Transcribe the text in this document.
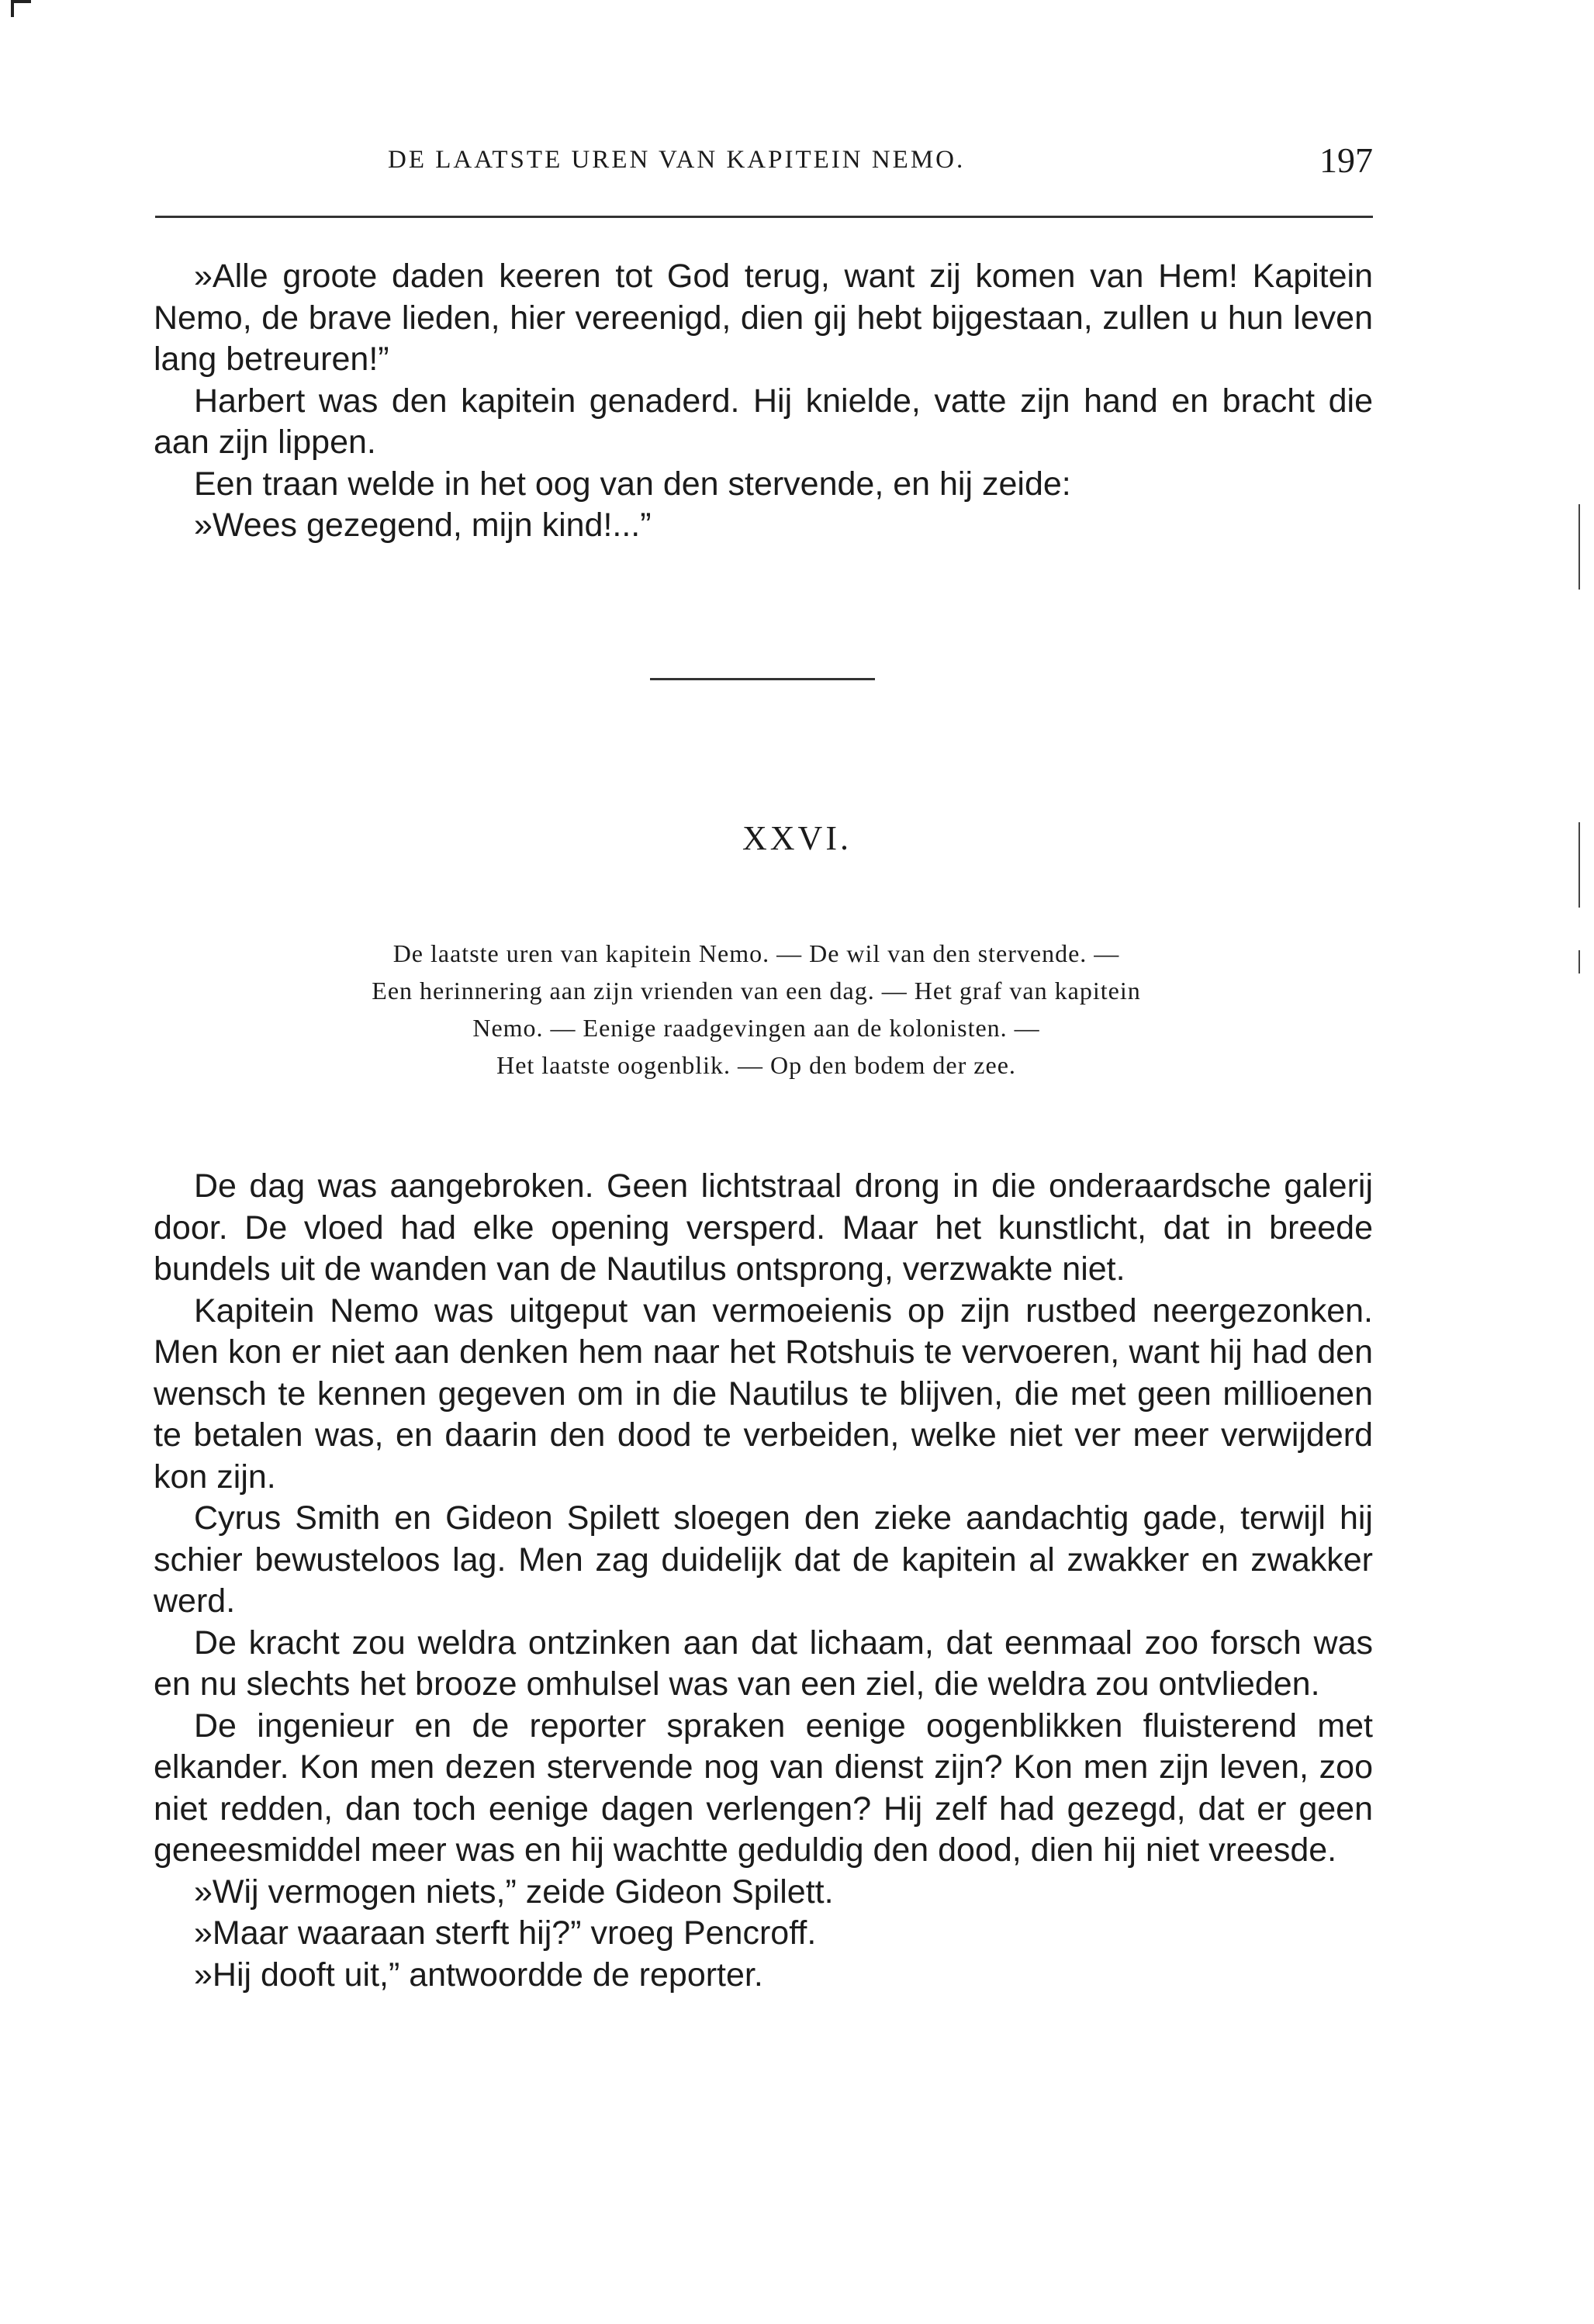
DE LAATSTE UREN VAN KAPITEIN NEMO.	197

»Alle groote daden keeren tot God terug, want zij komen van Hem! Kapitein Nemo, de brave lieden, hier vereenigd, dien gij hebt bijgestaan, zullen u hun leven lang betreuren!”

Harbert was den kapitein genaderd. Hij knielde, vatte zijn hand en bracht die aan zijn lippen.

Een traan welde in het oog van den stervende, en hij zeide:

»Wees gezegend, mijn kind!...”

XXVI.
De laatste uren van kapitein Nemo. — De wil van den stervende. —
Een herinnering aan zijn vrienden van een dag. — Het graf van kapitein
Nemo. — Eenige raadgevingen aan de kolonisten. —
Het laatste oogenblik. — Op den bodem der zee.

De dag was aangebroken. Geen lichtstraal drong in die onderaardsche galerij door. De vloed had elke opening versperd. Maar het kunstlicht, dat in breede bundels uit de wanden van de Nautilus ontsprong, verzwakte niet.

Kapitein Nemo was uitgeput van vermoeienis op zijn rustbed neergezonken. Men kon er niet aan denken hem naar het Rotshuis te vervoeren, want hij had den wensch te kennen gegeven om in die Nautilus te blijven, die met geen millioenen te betalen was, en daarin den dood te verbeiden, welke niet ver meer verwijderd kon zijn.

Cyrus Smith en Gideon Spilett sloegen den zieke aandachtig gade, terwijl hij schier bewusteloos lag. Men zag duidelijk dat de kapitein al zwakker en zwakker werd.

De kracht zou weldra ontzinken aan dat lichaam, dat eenmaal zoo forsch was en nu slechts het brooze omhulsel was van een ziel, die weldra zou ontvlieden.

De ingenieur en de reporter spraken eenige oogenblikken fluisterend met elkander. Kon men dezen stervende nog van dienst zijn? Kon men zijn leven, zoo niet redden, dan toch eenige dagen verlengen? Hij zelf had gezegd, dat er geen geneesmiddel meer was en hij wachtte geduldig den dood, dien hij niet vreesde.

»Wij vermogen niets,” zeide Gideon Spilett.

»Maar waaraan sterft hij?” vroeg Pencroff.

»Hij dooft uit,” antwoordde de reporter.
